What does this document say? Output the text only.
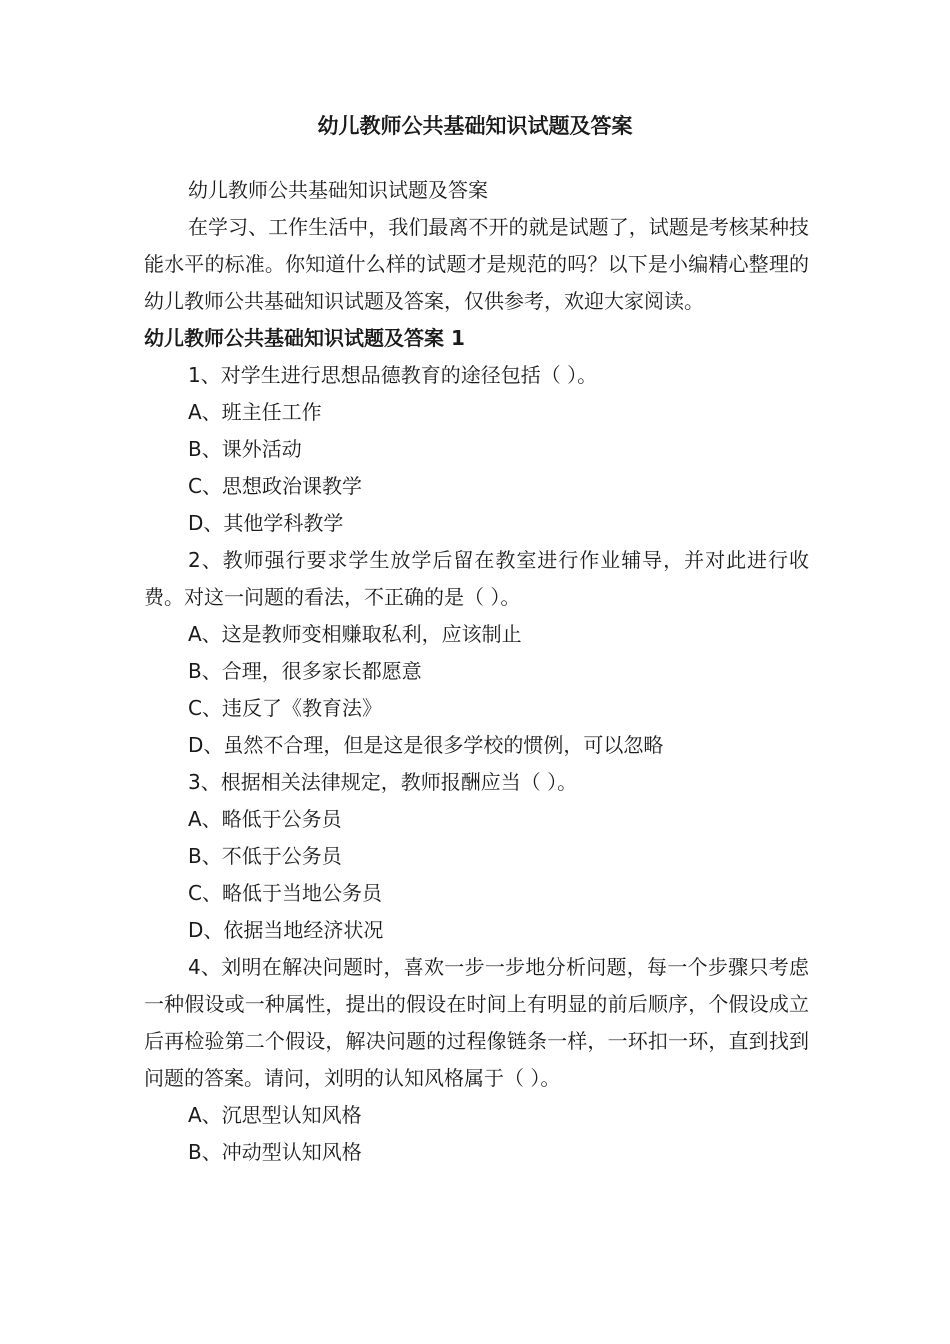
幼儿教师公共基础知识试题及答案

幼儿教师公共基础知识试题及答案

在学习、工作生活中，我们最离不开的就是试题了，试题是考核某种技能水平的标准。你知道什么样的试题才是规范的吗？以下是小编精心整理的幼儿教师公共基础知识试题及答案，仅供参考，欢迎大家阅读。

幼儿教师公共基础知识试题及答案 1

1、对学生进行思想品德教育的途径包括（ ）。

A、班主任工作

B、课外活动

C、思想政治课教学

D、其他学科教学

2、教师强行要求学生放学后留在教室进行作业辅导，并对此进行收费。对这一问题的看法，不正确的是（ ）。

A、这是教师变相赚取私利，应该制止

B、合理，很多家长都愿意

C、违反了《教育法》

D、虽然不合理，但是这是很多学校的惯例，可以忽略

3、根据相关法律规定，教师报酬应当（ ）。

A、略低于公务员

B、不低于公务员

C、略低于当地公务员

D、依据当地经济状况

4、刘明在解决问题时，喜欢一步一步地分析问题，每一个步骤只考虑一种假设或一种属性，提出的假设在时间上有明显的前后顺序，个假设成立后再检验第二个假设，解决问题的过程像链条一样，一环扣一环，直到找到问题的答案。请问，刘明的认知风格属于（ ）。

A、沉思型认知风格

B、冲动型认知风格
